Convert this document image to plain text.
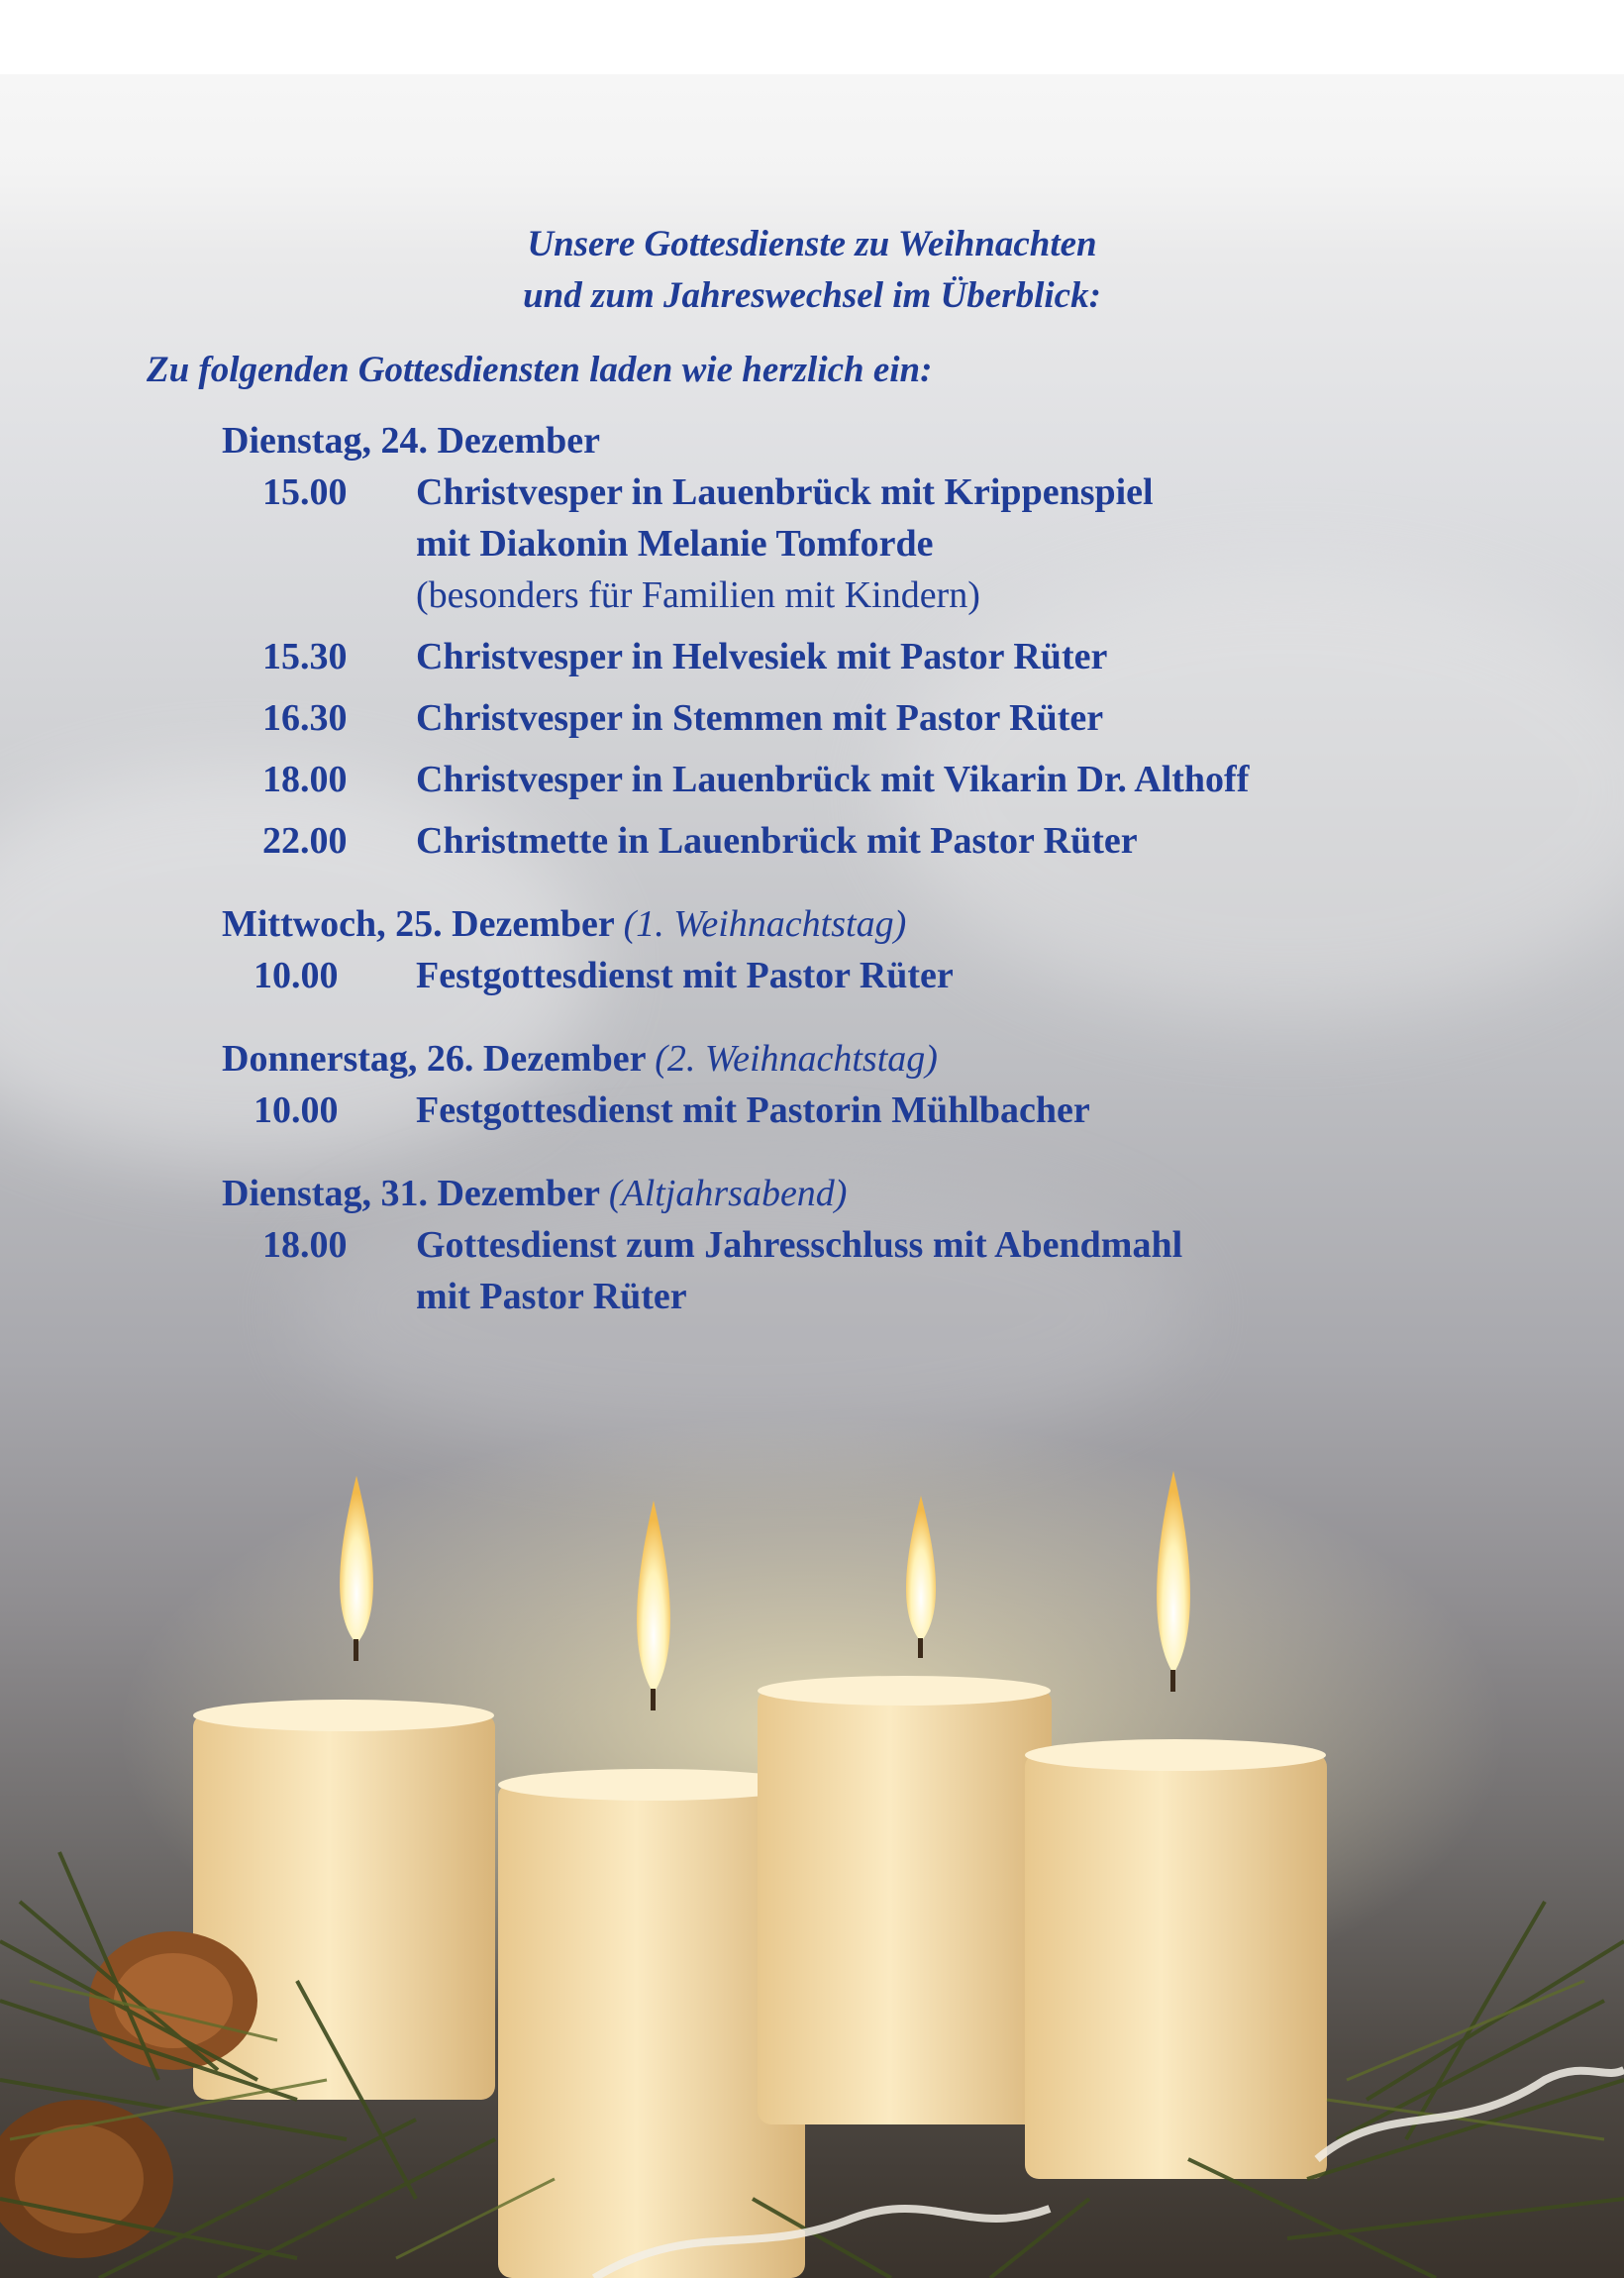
Unsere Gottesdienste zu Weihnachten
und zum Jahreswechsel im Überblick:
Zu folgenden Gottesdiensten laden wie herzlich ein:
Dienstag, 24. Dezember
15.00 Christvesper in Lauenbrück mit Krippenspiel
mit Diakonin Melanie Tomforde
(besonders für Familien mit Kindern)
15.30 Christvesper in Helvesiek mit Pastor Rüter
16.30 Christvesper in Stemmen mit Pastor Rüter
18.00 Christvesper in Lauenbrück mit Vikarin Dr. Althoff
22.00 Christmette in Lauenbrück mit Pastor Rüter
Mittwoch, 25. Dezember (1. Weihnachtstag)
10.00 Festgottesdienst mit Pastor Rüter
Donnerstag, 26. Dezember (2. Weihnachtstag)
10.00 Festgottesdienst mit Pastorin Mühlbacher
Dienstag, 31. Dezember (Altjahrsabend)
18.00 Gottesdienst zum Jahresschluss mit Abendmahl
mit Pastor Rüter
